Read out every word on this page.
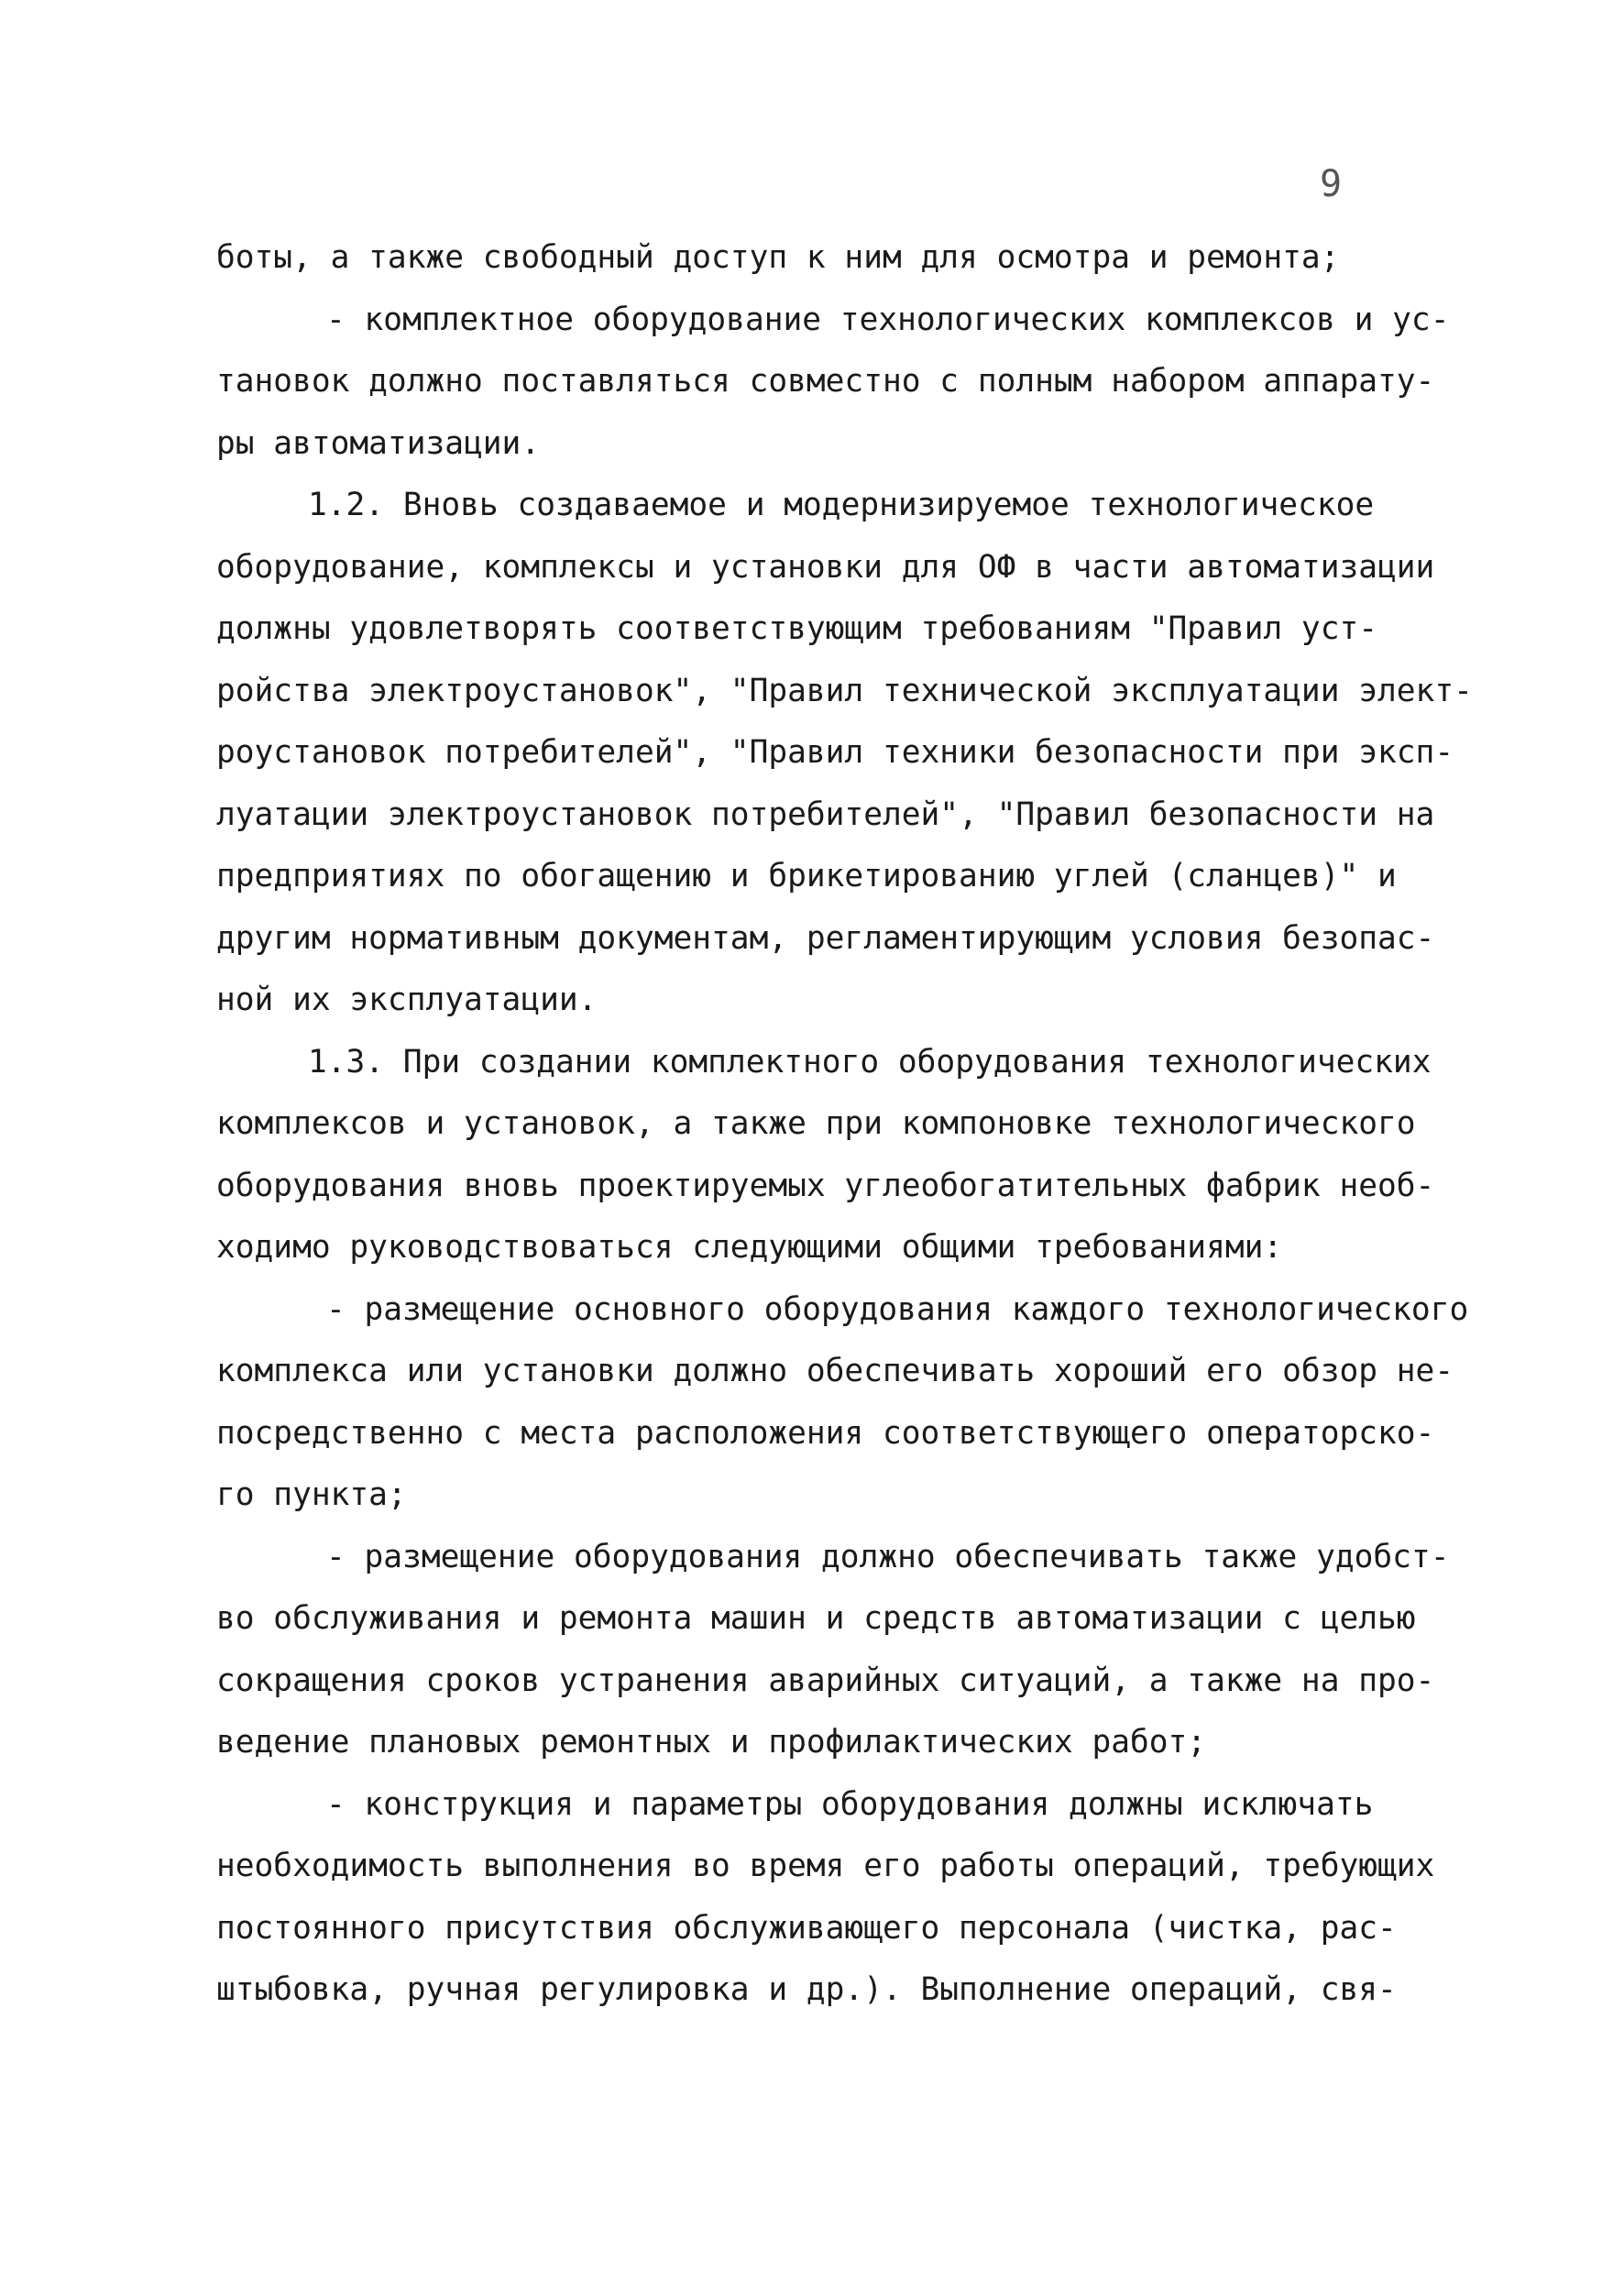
9
боты, а также свободный доступ к ним для осмотра и ремонта;
- комплектное оборудование технологических комплексов и ус-
тановок должно поставляться совместно с полным набором аппарату-
ры автоматизации.
1.2. Вновь создаваемое и модернизируемое технологическое
оборудование, комплексы и установки для ОФ в части автоматизации
должны удовлетворять соответствующим требованиям "Правил уст-
ройства электроустановок", "Правил технической эксплуатации элект-
роустановок потребителей", "Правил техники безопасности при эксп-
луатации электроустановок потребителей", "Правил безопасности на
предприятиях по обогащению и брикетированию углей (сланцев)" и
другим нормативным документам, регламентирующим условия безопас-
ной их эксплуатации.
1.3. При создании комплектного оборудования технологических
комплексов и установок, а также при компоновке технологического
оборудования вновь проектируемых углеобогатительных фабрик необ-
ходимо руководствоваться следующими общими требованиями:
- размещение основного оборудования каждого технологического
комплекса или установки должно обеспечивать хороший его обзор не-
посредственно с места расположения соответствующего операторско-
го пункта;
- размещение оборудования должно обеспечивать также удобст-
во обслуживания и ремонта машин и средств автоматизации с целью
сокращения сроков устранения аварийных ситуаций, а также на про-
ведение плановых ремонтных и профилактических работ;
- конструкция и параметры оборудования должны исключать
необходимость выполнения во время его работы операций, требующих
постоянного присутствия обслуживающего персонала (чистка, рас-
штыбовка, ручная регулировка и др.). Выполнение операций, свя-
